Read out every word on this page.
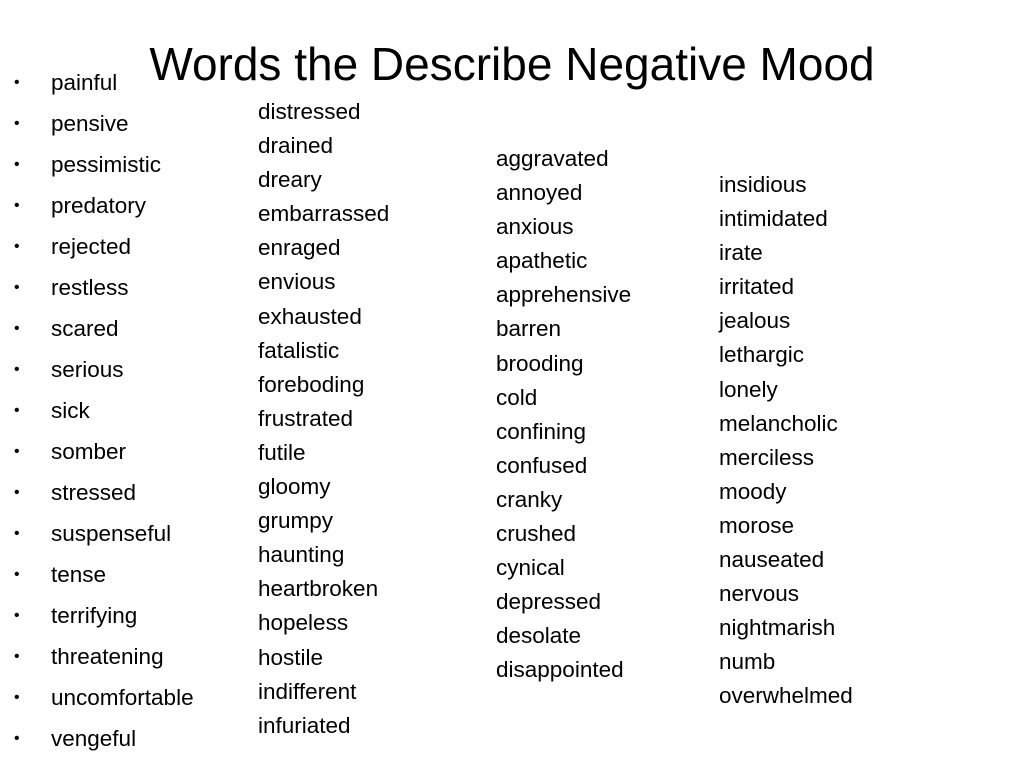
• painful
• pensive
• pessimistic
• predatory
• rejected
• restless
• scared
• serious
• sick
• somber
• stressed
• suspenseful
• tense
• terrifying
• threatening
• uncomfortable
• vengeful
distressed
drained
dreary
embarrassed
enraged
envious
exhausted
fatalistic
foreboding
frustrated
futile
gloomy
grumpy
haunting
heartbroken
hopeless
hostile
indifferent
infuriated
aggravated
annoyed
anxious
apathetic
apprehensive
barren
brooding
cold
confining
confused
cranky
crushed
cynical
depressed
desolate
disappointed
insidious
intimidated
irate
irritated
jealous
lethargic
lonely
melancholic
merciless
moody
morose
nauseated
nervous
nightmarish
numb
overwhelmed
Words the Describe Negative Mood
